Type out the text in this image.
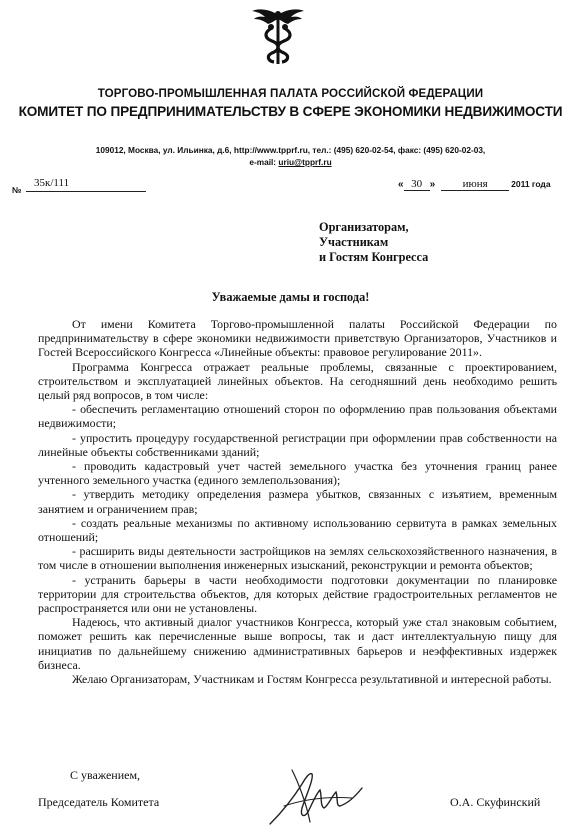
ТОРГОВО-ПРОМЫШЛЕННАЯ ПАЛАТА РОССИЙСКОЙ ФЕДЕРАЦИИ
КОМИТЕТ ПО ПРЕДПРИНИМАТЕЛЬСТВУ В СФЕРЕ ЭКОНОМИКИ НЕДВИЖИМОСТИ
109012, Москва, ул. Ильинка, д.6, http://www.tpprf.ru, тел.: (495) 620-02-54, факс: (495) 620-02-03,
e-mail: uriu@tpprf.ru
№
35к/111	« 30 » июня	2011 года
Организаторам,
Участникам
и Гостям Конгресса
Уважаемые дамы и господа!

От имени Комитета Торгово-промышленной палаты Российской Федерации по предпринимательству в сфере экономики недвижимости приветствую Организаторов, Участников и Гостей Всероссийского Конгресса «Линейные объекты: правовое регулирование 2011».

Программа Конгресса отражает реальные проблемы, связанные с проектированием, строительством и эксплуатацией линейных объектов. На сегодняшний день необходимо решить целый ряд вопросов, в том числе:

- обеспечить регламентацию отношений сторон по оформлению прав пользования объектами недвижимости;

- упростить процедуру государственной регистрации при оформлении прав собственности на линейные объекты собственниками зданий;

- проводить кадастровый учет частей земельного участка без уточнения границ ранее учтенного земельного участка (единого землепользования);

- утвердить методику определения размера убытков, связанных с изъятием, временным занятием и ограничением прав;

- создать реальные механизмы по активному использованию сервитута в рамках земельных отношений;

- расширить виды деятельности застройщиков на землях сельскохозяйственного назначения, в том числе в отношении выполнения инженерных изысканий, реконструкции и ремонта объектов;

- устранить барьеры в части необходимости подготовки документации по планировке территории для строительства объектов, для которых действие градостроительных регламентов не распространяется или они не установлены.

Надеюсь, что активный диалог участников Конгресса, который уже стал знаковым событием, поможет решить как перечисленные выше вопросы, так и даст интеллектуальную пищу для инициатив по дальнейшему снижению административных барьеров и неэффективных издержек бизнеса.

Желаю Организаторам, Участникам и Гостям Конгресса результативной и интересной работы.

С уважением,
Председатель Комитета	О.А. Скуфинский
